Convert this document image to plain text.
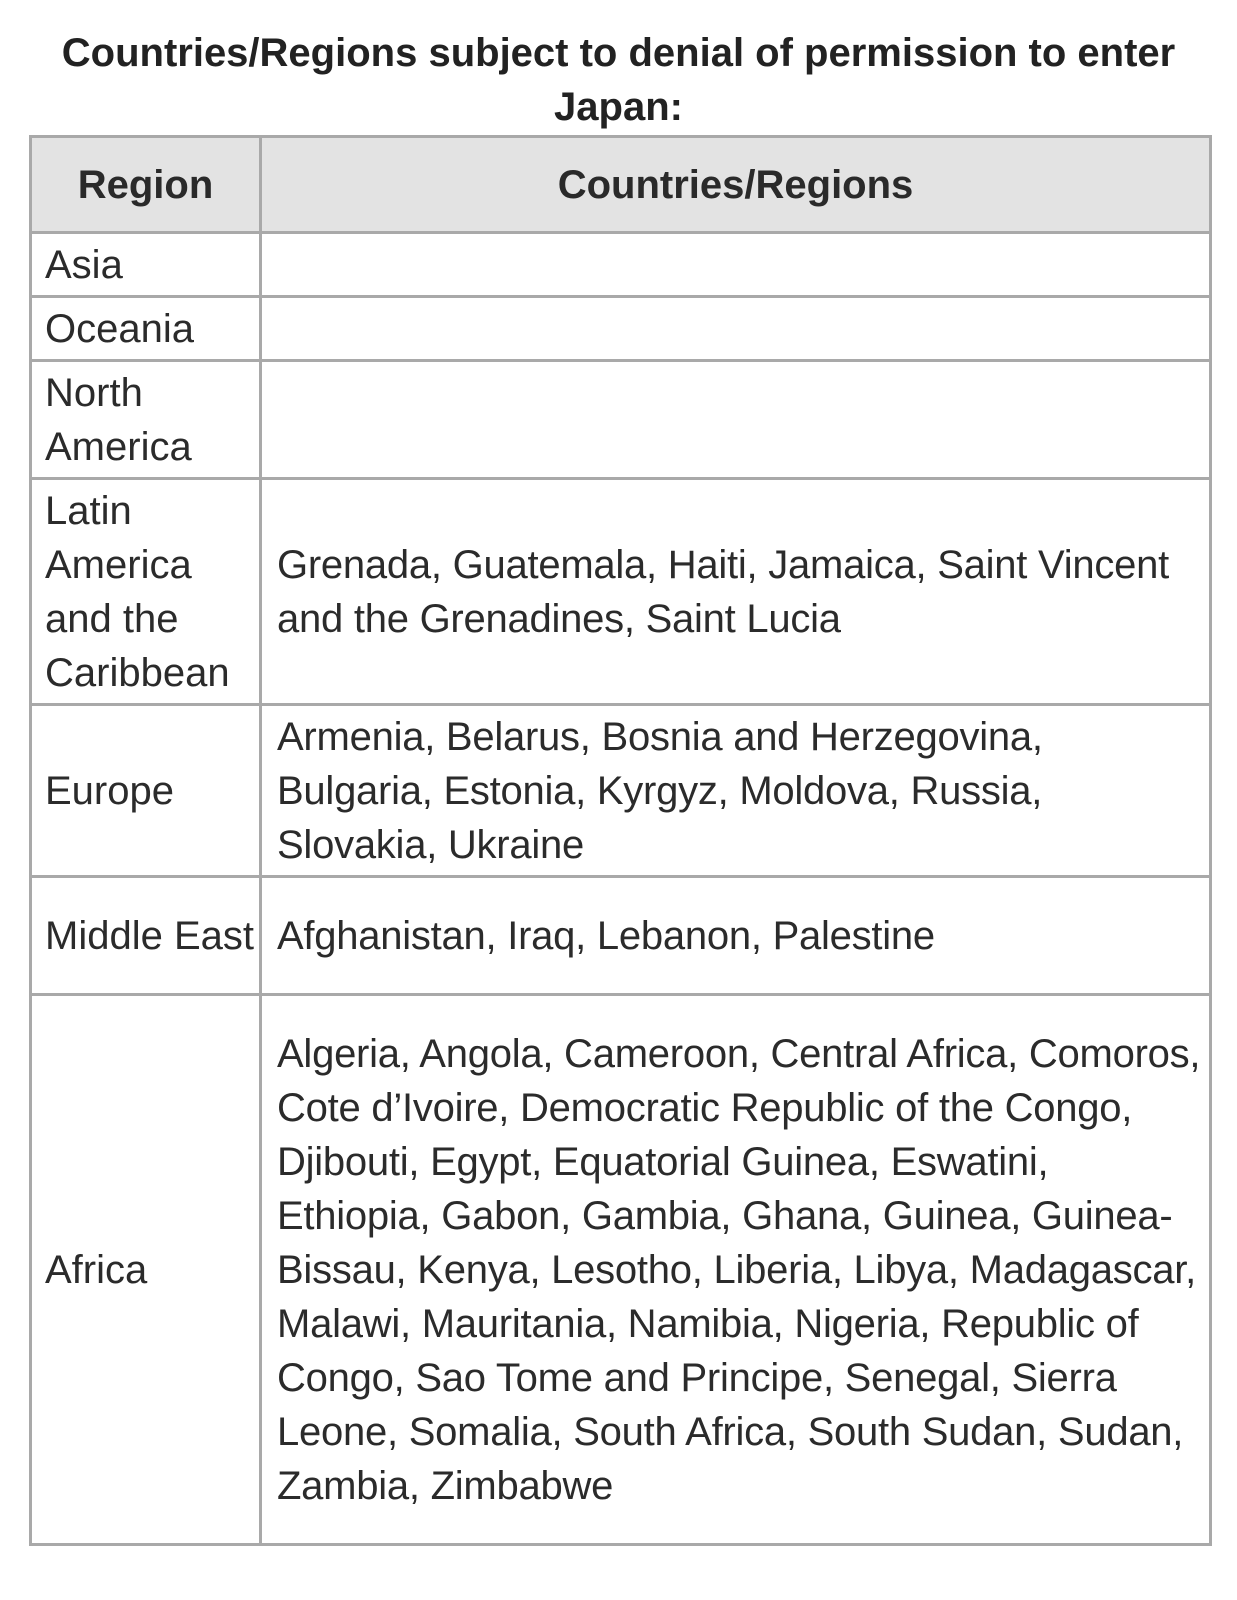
Countries/Regions subject to denial of permission to enter Japan:
Region	Countries/Regions
Asia	
Oceania	
North America	
Latin America and the Caribbean	Grenada, Guatemala, Haiti, Jamaica, Saint Vincent and the Grenadines, Saint Lucia
Europe	Armenia, Belarus, Bosnia and Herzegovina, Bulgaria, Estonia, Kyrgyz, Moldova, Russia, Slovakia, Ukraine
Middle East	Afghanistan, Iraq, Lebanon, Palestine
Africa	Algeria, Angola, Cameroon, Central Africa, Comoros, Cote d’Ivoire, Democratic Republic of the Congo, Djibouti, Egypt, Equatorial Guinea, Eswatini, Ethiopia, Gabon, Gambia, Ghana, Guinea, Guinea-Bissau, Kenya, Lesotho, Liberia, Libya, Madagascar, Malawi, Mauritania, Namibia, Nigeria, Republic of Congo, Sao Tome and Principe, Senegal, Sierra Leone, Somalia, South Africa, South Sudan, Sudan, Zambia, Zimbabwe
